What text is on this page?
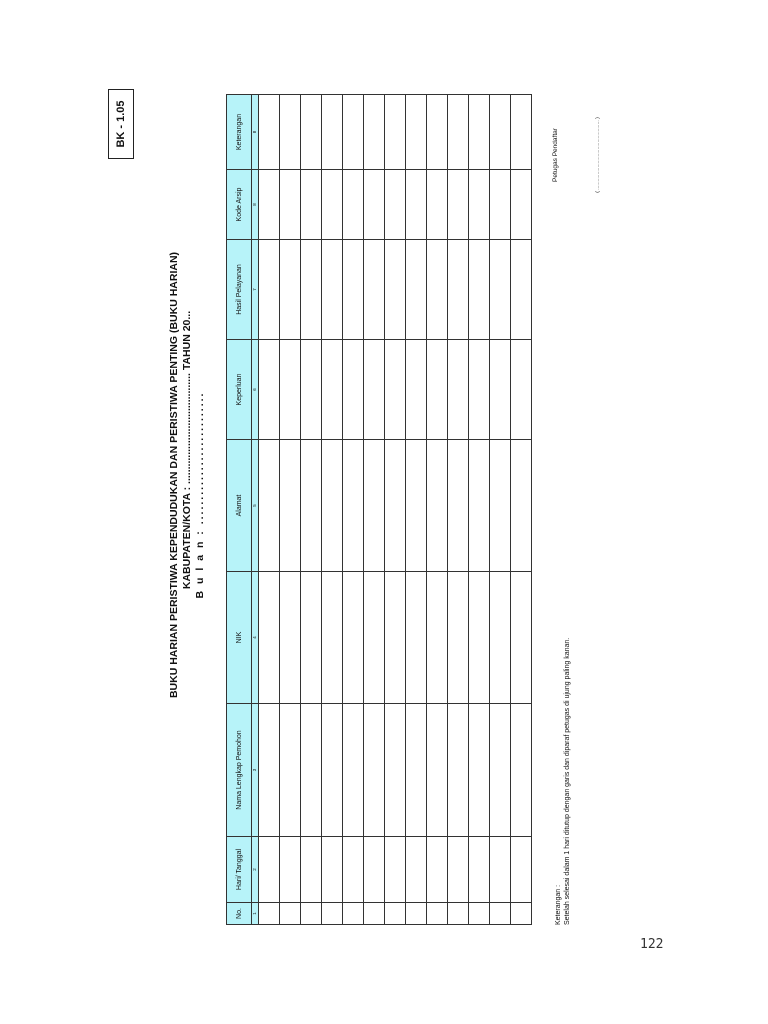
BK - 1.05
BUKU HARIAN PERISTIWA KEPENDUDUKAN DAN PERISTIWA PENTING (BUKU HARIAN) KABUPATEN/KOTA : ...................................... TAHUN 20... B u l a n : ...........................
No.	Hari/ Tanggal	Nama Lengkap Pemohon	NIK	Alamat	Keperluan	Hasil Pelayanan	Kode Arsip	Keterangan
1	2	3	4	5	6	7	8	8

Keterangan : Setelah selesai dalam 1 hari ditutup dengan garis dan diparaf petugas di ujung paling kanan.
Petugas Pendaftar	( .................................................. )
122
